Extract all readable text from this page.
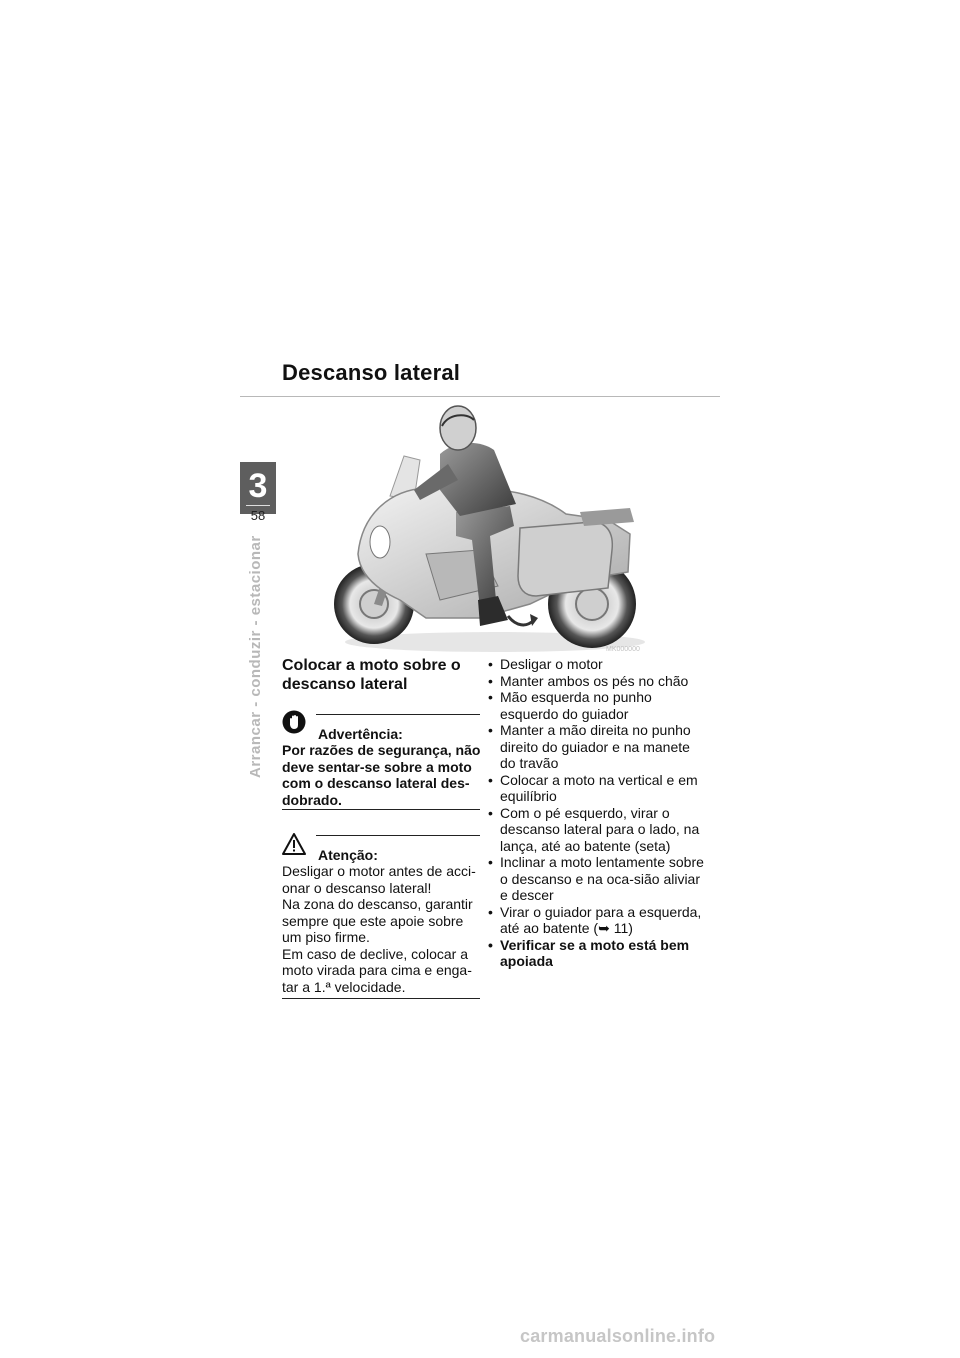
Descanso lateral
3
58
Arrancar - conduzir - estacionar	MK000000
Colocar a moto sobre o descanso lateral
Advertência:
Por razões de segurança, não deve sentar-se sobre a moto com o descanso lateral des-dobrado.
Atenção:
Desligar o motor antes de acci-onar o descanso lateral!
Na zona do descanso, garantir sempre que este apoie sobre um piso firme.
Em caso de declive, colocar a moto virada para cima e enga-tar a 1.ª velocidade.
• Desligar o motor
• Manter ambos os pés no chão
• Mão esquerda no punho esquerdo do guiador
• Manter a mão direita no punho direito do guiador e na manete do travão
• Colocar a moto na vertical e em equilíbrio
• Com o pé esquerdo, virar o descanso lateral para o lado, na lança, até ao batente (seta)
• Inclinar a moto lentamente sobre o descanso e na oca-sião aliviar e descer
• Virar o guiador para a esquerda, até ao batente (➥ 11)
• Verificar se a moto está bem apoiada
carmanualsonline.info
